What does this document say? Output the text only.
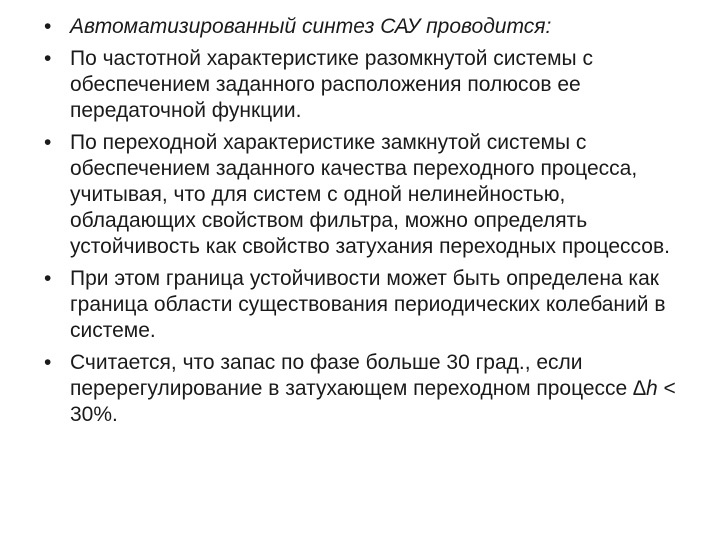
• Автоматизированный синтез САУ проводится:
• По частотной характеристике разомкнутой системы с обеспечением заданного расположения полюсов ее передаточной функции.
• По переходной характеристике замкнутой системы с обеспечением заданного качества переходного процесса, учитывая, что для систем с одной нелинейностью, обладающих свойством фильтра, можно определять устойчивость как свойство затухания переходных процессов.
• При этом граница устойчивости может быть определена как граница области существования периодических колебаний в системе.
• Считается, что запас по фазе больше 30 град., если перерегулирование в затухающем переходном процессе ∆h < 30%.
